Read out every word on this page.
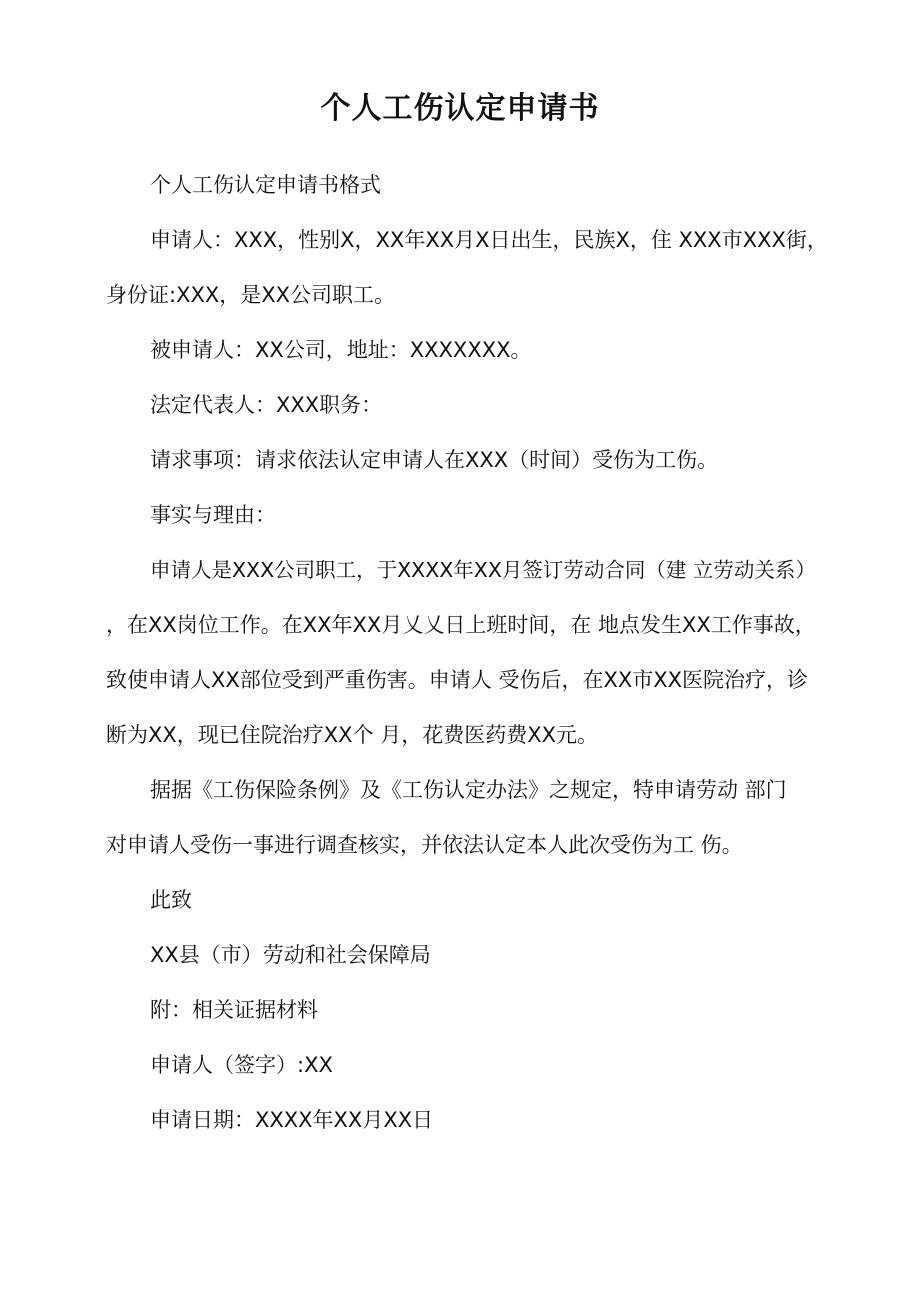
个人工伤认定申请书

个人工伤认定申请书格式

申请人：XXX，性别X，XX年XX月X日出生，民族X，住 XXX市XXX街，

身份证:XXX，是XX公司职工。

被申请人：XX公司，地址：XXXXXXX。

法定代表人：XXX职务：

请求事项：请求依法认定申请人在XXX（时间）受伤为工伤。

事实与理由：

申请人是XXX公司职工，于XXXX年XX月签订劳动合同（建 立劳动关系）

，在XX岗位工作。在XX年XX月乂乂日上班时间，在 地点发生XX工作事故，

致使申请人XX部位受到严重伤害。申请人 受伤后，在XX市XX医院治疗，诊

断为XX，现已住院治疗XX个 月，花费医药费XX元。

据据《工伤保险条例》及《工伤认定办法》之规定，特申请劳动 部门

对申请人受伤一事进行调查核实，并依法认定本人此次受伤为工 伤。

此致

XX县（市）劳动和社会保障局

附：相关证据材料

申请人（签字）:XX

申请日期：XXXX年XX月XX日
